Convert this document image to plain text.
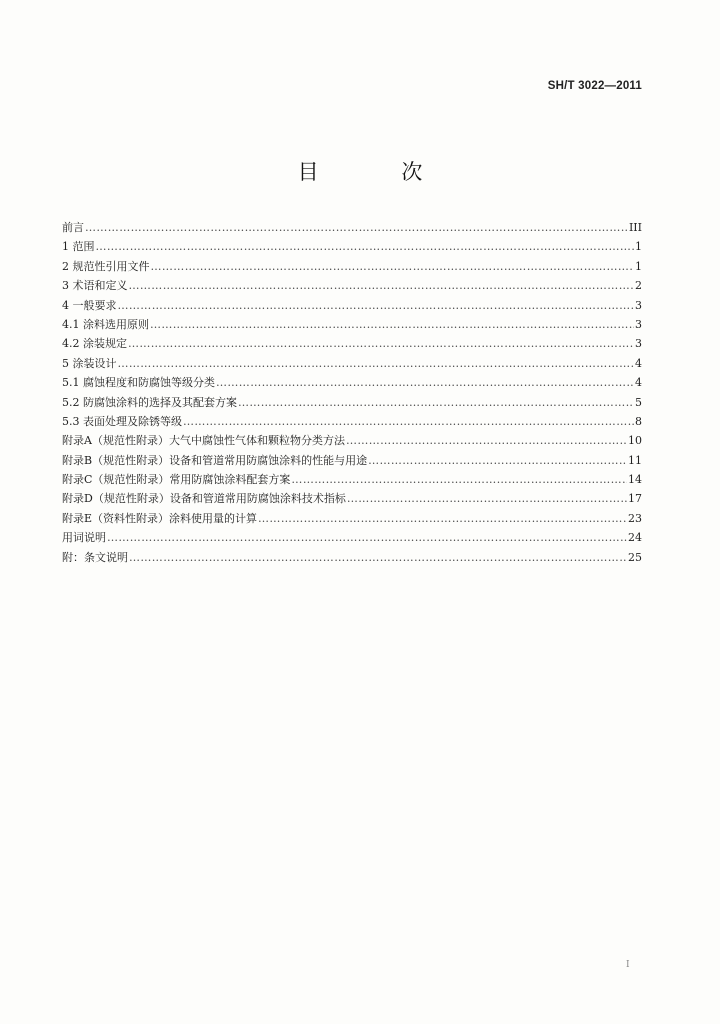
SH/T 3022—2011
目 次
前言 ……………………………………………………………………………………………………………………………………………………………………………………………………………………………………………………	III
1 范围 ……………………………………………………………………………………………………………………………………………………………………………………………………………………………………………………	1
2 规范性引用文件 ……………………………………………………………………………………………………………………………………………………………………………………………………………………………………………………	1
3 术语和定义 ……………………………………………………………………………………………………………………………………………………………………………………………………………………………………………………	2
4 一般要求 ……………………………………………………………………………………………………………………………………………………………………………………………………………………………………………………	3
4.1 涂料选用原则 ……………………………………………………………………………………………………………………………………………………………………………………………………………………………………………………	3
4.2 涂装规定 ……………………………………………………………………………………………………………………………………………………………………………………………………………………………………………………	3
5 涂装设计 ……………………………………………………………………………………………………………………………………………………………………………………………………………………………………………………	4
5.1 腐蚀程度和防腐蚀等级分类 ……………………………………………………………………………………………………………………………………………………………………………………………………………………………………………………	4
5.2 防腐蚀涂料的选择及其配套方案 ……………………………………………………………………………………………………………………………………………………………………………………………………………………………………………………	5
5.3 表面处理及除锈等级 ……………………………………………………………………………………………………………………………………………………………………………………………………………………………………………………	8
附录A（规范性附录）大气中腐蚀性气体和颗粒物分类方法 ……………………………………………………………………………………………………………………………………………………………………………………………………………………………………………………	10
附录B（规范性附录）设备和管道常用防腐蚀涂料的性能与用途 ……………………………………………………………………………………………………………………………………………………………………………………………………………………………………………………	11
附录C（规范性附录）常用防腐蚀涂料配套方案 ……………………………………………………………………………………………………………………………………………………………………………………………………………………………………………………	14
附录D（规范性附录）设备和管道常用防腐蚀涂料技术指标 ……………………………………………………………………………………………………………………………………………………………………………………………………………………………………………………	17
附录E（资料性附录）涂料使用量的计算 ……………………………………………………………………………………………………………………………………………………………………………………………………………………………………………………	23
用词说明 ……………………………………………………………………………………………………………………………………………………………………………………………………………………………………………………	24
附：条文说明 ……………………………………………………………………………………………………………………………………………………………………………………………………………………………………………………	25
I
